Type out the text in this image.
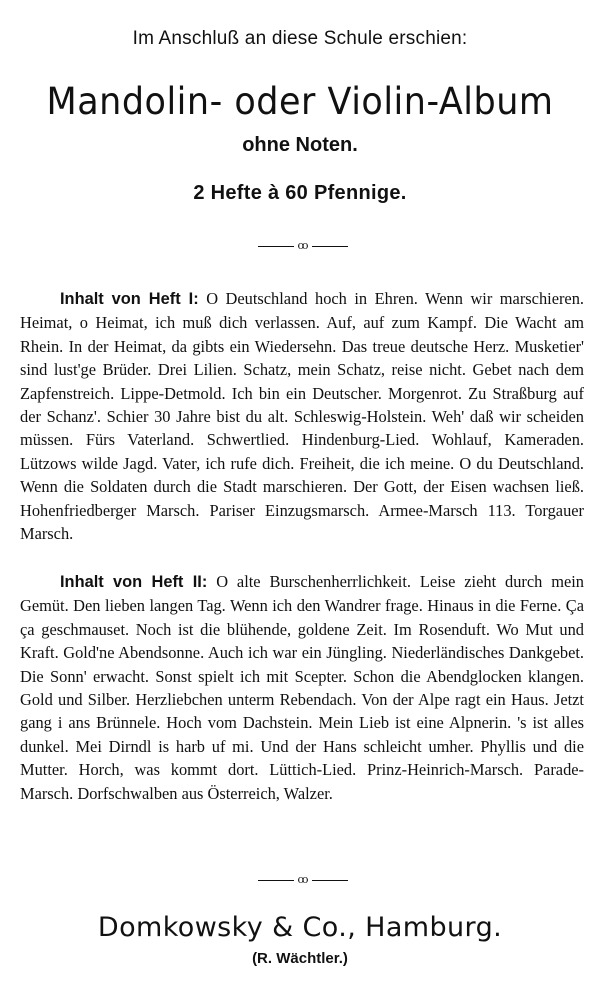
Im Anschluß an diese Schule erschien:
Mandolin- oder Violin-Album
ohne Noten.
2 Hefte à 60 Pfennige.
ꝏ
Inhalt von Heft I: O Deutschland hoch in Ehren. Wenn wir marschieren. Heimat, o Heimat, ich muß dich verlassen. Auf, auf zum Kampf. Die Wacht am Rhein. In der Heimat, da gibts ein Wiedersehn. Das treue deutsche Herz. Musketier' sind lust'ge Brüder. Drei Lilien. Schatz, mein Schatz, reise nicht. Gebet nach dem Zapfenstreich. Lippe-Detmold. Ich bin ein Deutscher. Morgenrot. Zu Straßburg auf der Schanz'. Schier 30 Jahre bist du alt. Schleswig-Holstein. Weh' daß wir scheiden müssen. Fürs Vaterland. Schwertlied. Hindenburg-Lied. Wohlauf, Kameraden. Lützows wilde Jagd. Vater, ich rufe dich. Freiheit, die ich meine. O du Deutschland. Wenn die Soldaten durch die Stadt marschieren. Der Gott, der Eisen wachsen ließ. Hohenfriedberger Marsch. Pariser Einzugsmarsch. Armee-Marsch 113. Torgauer Marsch.
Inhalt von Heft II: O alte Burschenherrlichkeit. Leise zieht durch mein Gemüt. Den lieben langen Tag. Wenn ich den Wandrer frage. Hinaus in die Ferne. Ça ça geschmauset. Noch ist die blühende, goldene Zeit. Im Rosenduft. Wo Mut und Kraft. Gold'ne Abendsonne. Auch ich war ein Jüngling. Niederländisches Dankgebet. Die Sonn' erwacht. Sonst spielt ich mit Scepter. Schon die Abendglocken klangen. Gold und Silber. Herzliebchen unterm Rebendach. Von der Alpe ragt ein Haus. Jetzt gang i ans Brünnele. Hoch vom Dachstein. Mein Lieb ist eine Alpnerin. 's ist alles dunkel. Mei Dirndl is harb uf mi. Und der Hans schleicht umher. Phyllis und die Mutter. Horch, was kommt dort. Lüttich-Lied. Prinz-Heinrich-Marsch. Parade-Marsch. Dorfschwalben aus Österreich, Walzer.
ꝏ
Domkowsky & Co., Hamburg.
(R. Wächtler.)
